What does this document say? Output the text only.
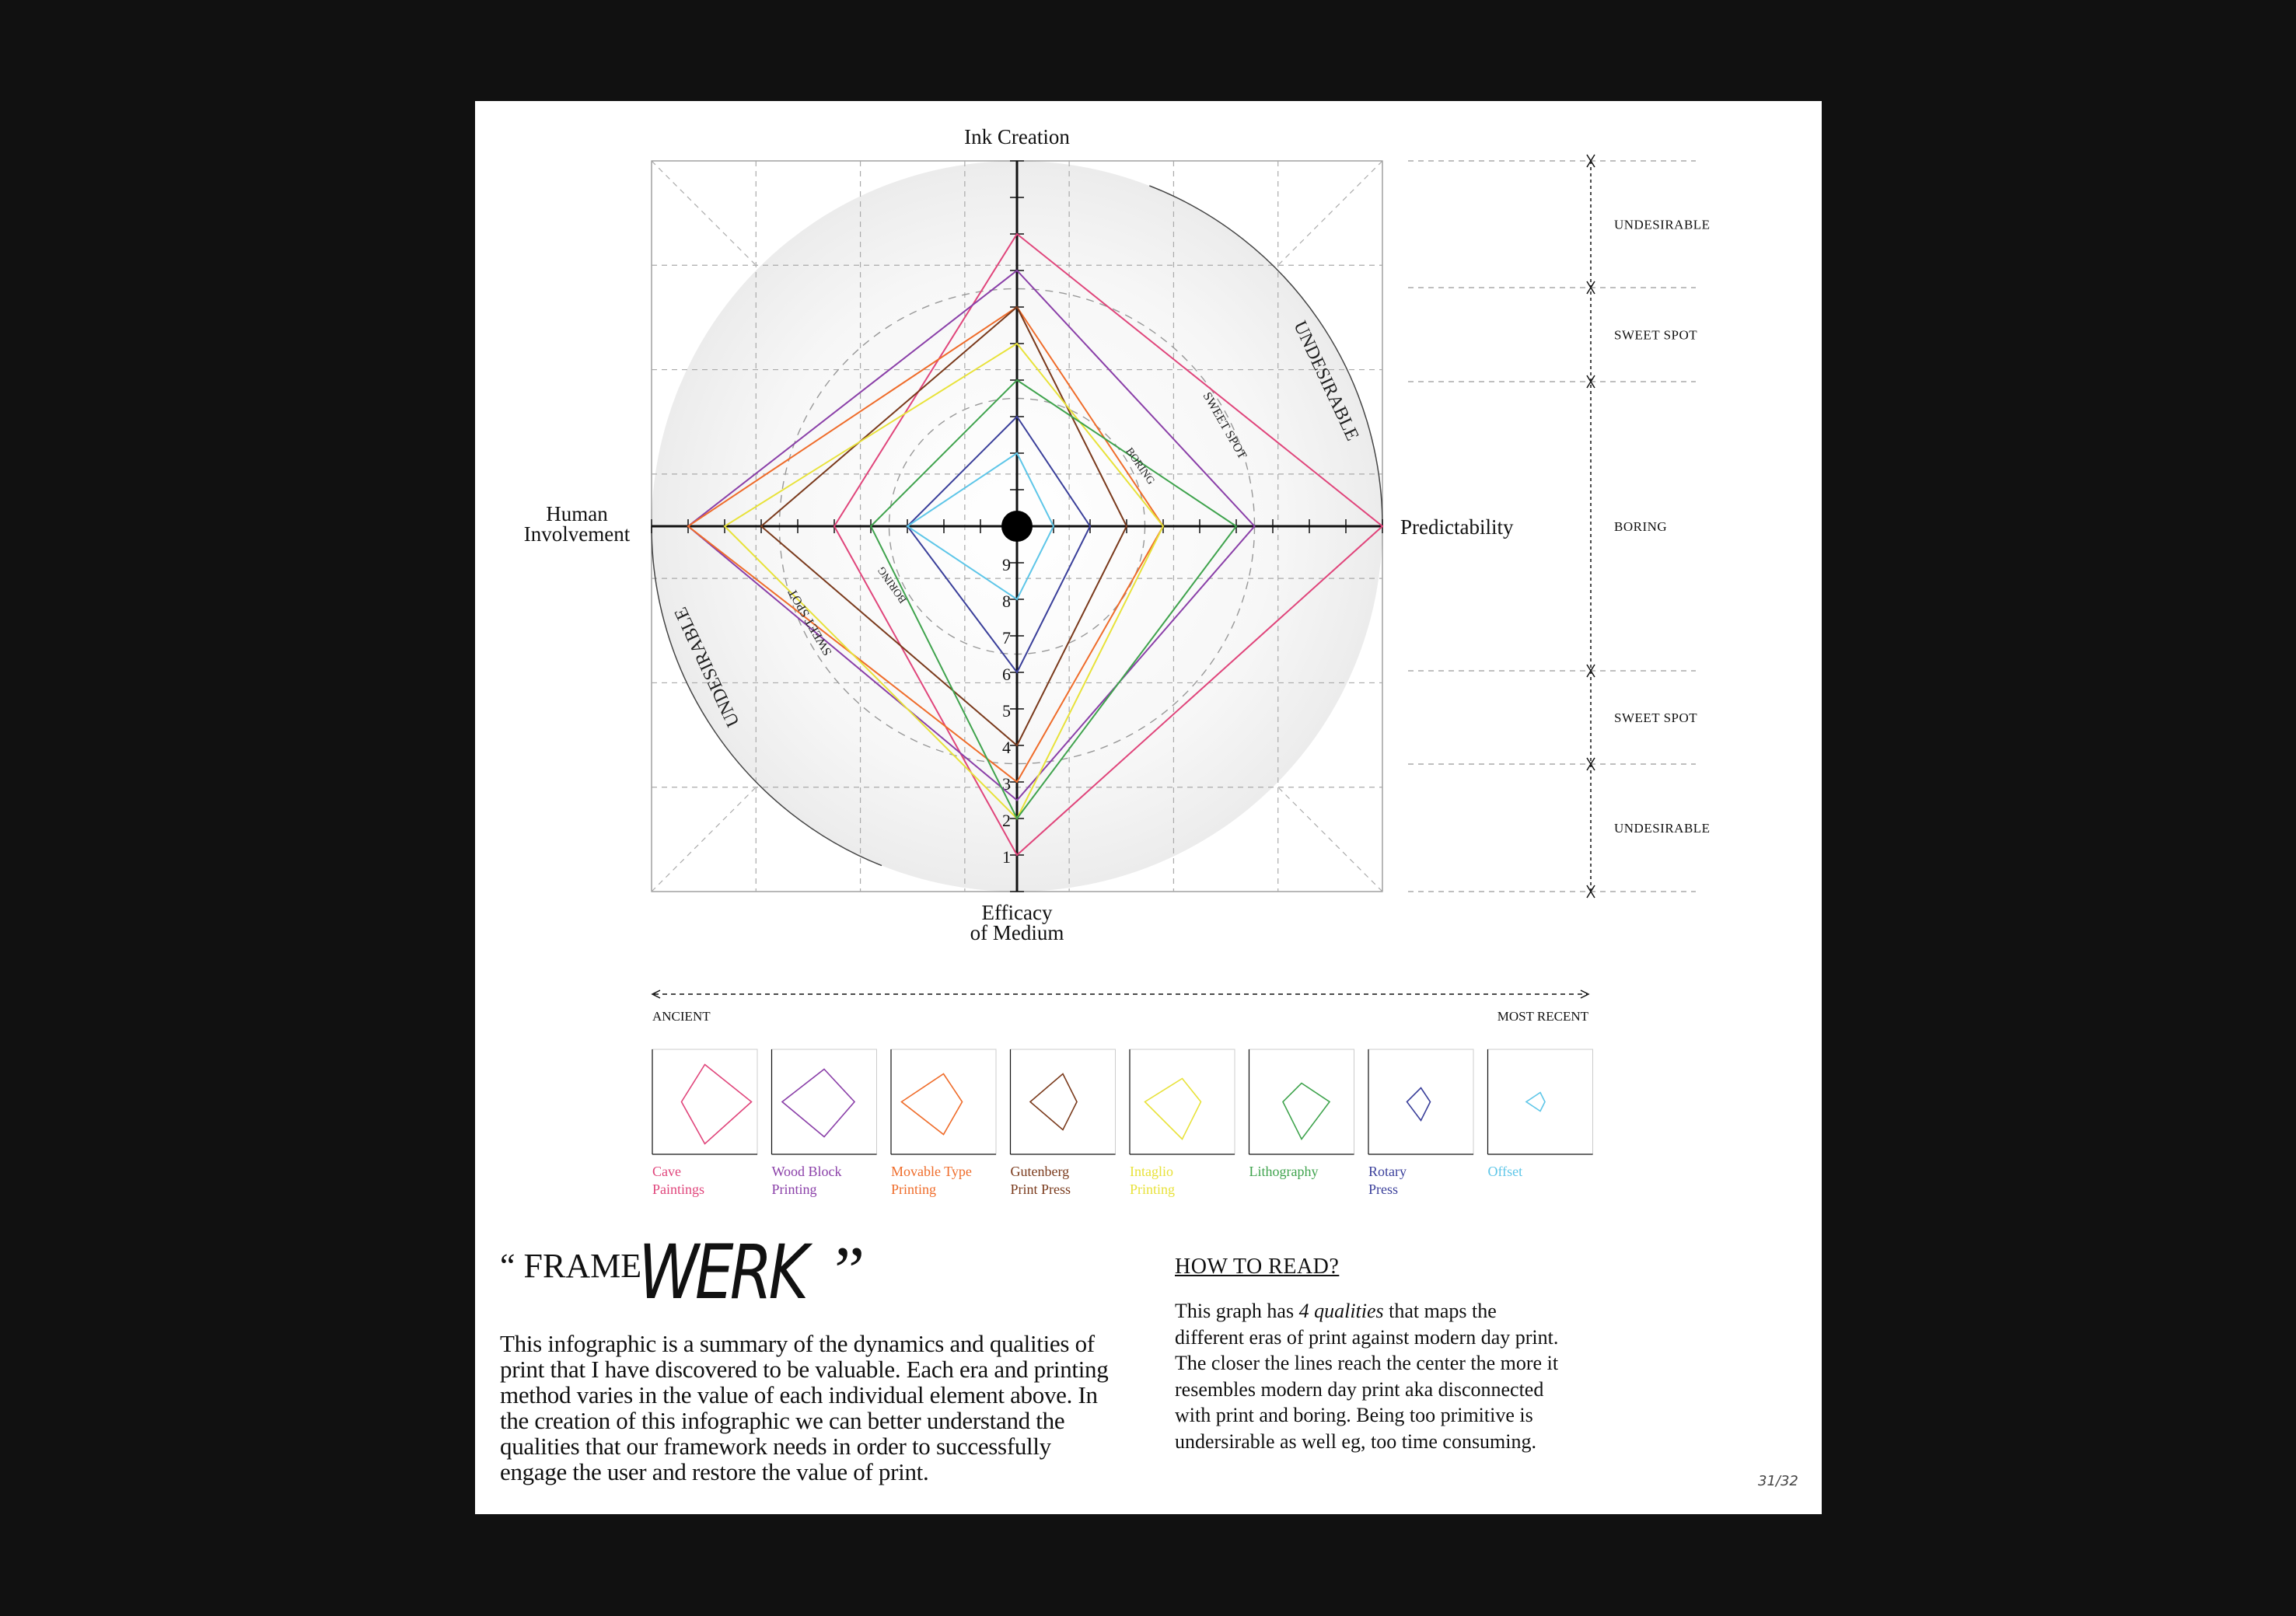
1
2
3
4
5
6
7
8
9
Ink Creation
Predictability
Efficacy
of Medium
Human
Involvement
UNDESIRABLE
SWEET SPOT
BORING
UNDESIRABLE	SWEET SPOT
BORING
UNDESIRABLE
SWEET SPOT
BORING
SWEET SPOT
UNDESIRABLE
ANCIENT	MOST RECENT
Cave
Paintings
Wood Block
Printing
Movable Type
Printing
Gutenberg
Print Press
Intaglio
Printing
Lithography	Rotary
Press
Offset
“ FRAME
WERK ”
This infographic is a summary of the dynamics and qualities of print that I have discovered to be valuable. Each era and printing method varies in the value of each individual element above. In the creation of this infographic we can better understand the qualities that our framework needs in order to successfully engage the user and restore the value of print.
HOW TO READ?
This graph has 4 qualities that maps the different eras of print against modern day print. The closer the lines reach the center the more it resembles modern day print aka disconnected with print and boring. Being too primitive is undersirable as well eg, too time consuming.
31/32
